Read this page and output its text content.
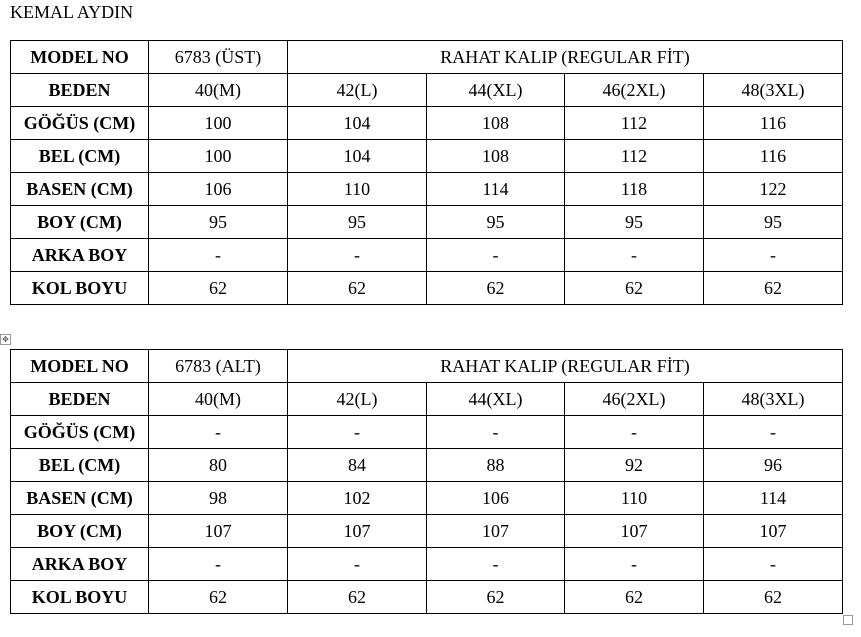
KEMAL AYDIN
MODEL NO	6783 (ÜST)	RAHAT KALIP (REGULAR FİT)			
BEDEN	40(M)	42(L)	44(XL)	46(2XL)	48(3XL)
GÖĞÜS (CM)	100	104	108	112	116
BEL (CM)	100	104	108	112	116
BASEN (CM)	106	110	114	118	122
BOY (CM)	95	95	95	95	95
ARKA BOY	-	-	-	-	-
KOL BOYU	62	62	62	62	62
✥
MODEL NO	6783 (ALT)	RAHAT KALIP (REGULAR FİT)			
BEDEN	40(M)	42(L)	44(XL)	46(2XL)	48(3XL)
GÖĞÜS (CM)	-	-	-	-	-
BEL (CM)	80	84	88	92	96
BASEN (CM)	98	102	106	110	114
BOY (CM)	107	107	107	107	107
ARKA BOY	-	-	-	-	-
KOL BOYU	62	62	62	62	62
